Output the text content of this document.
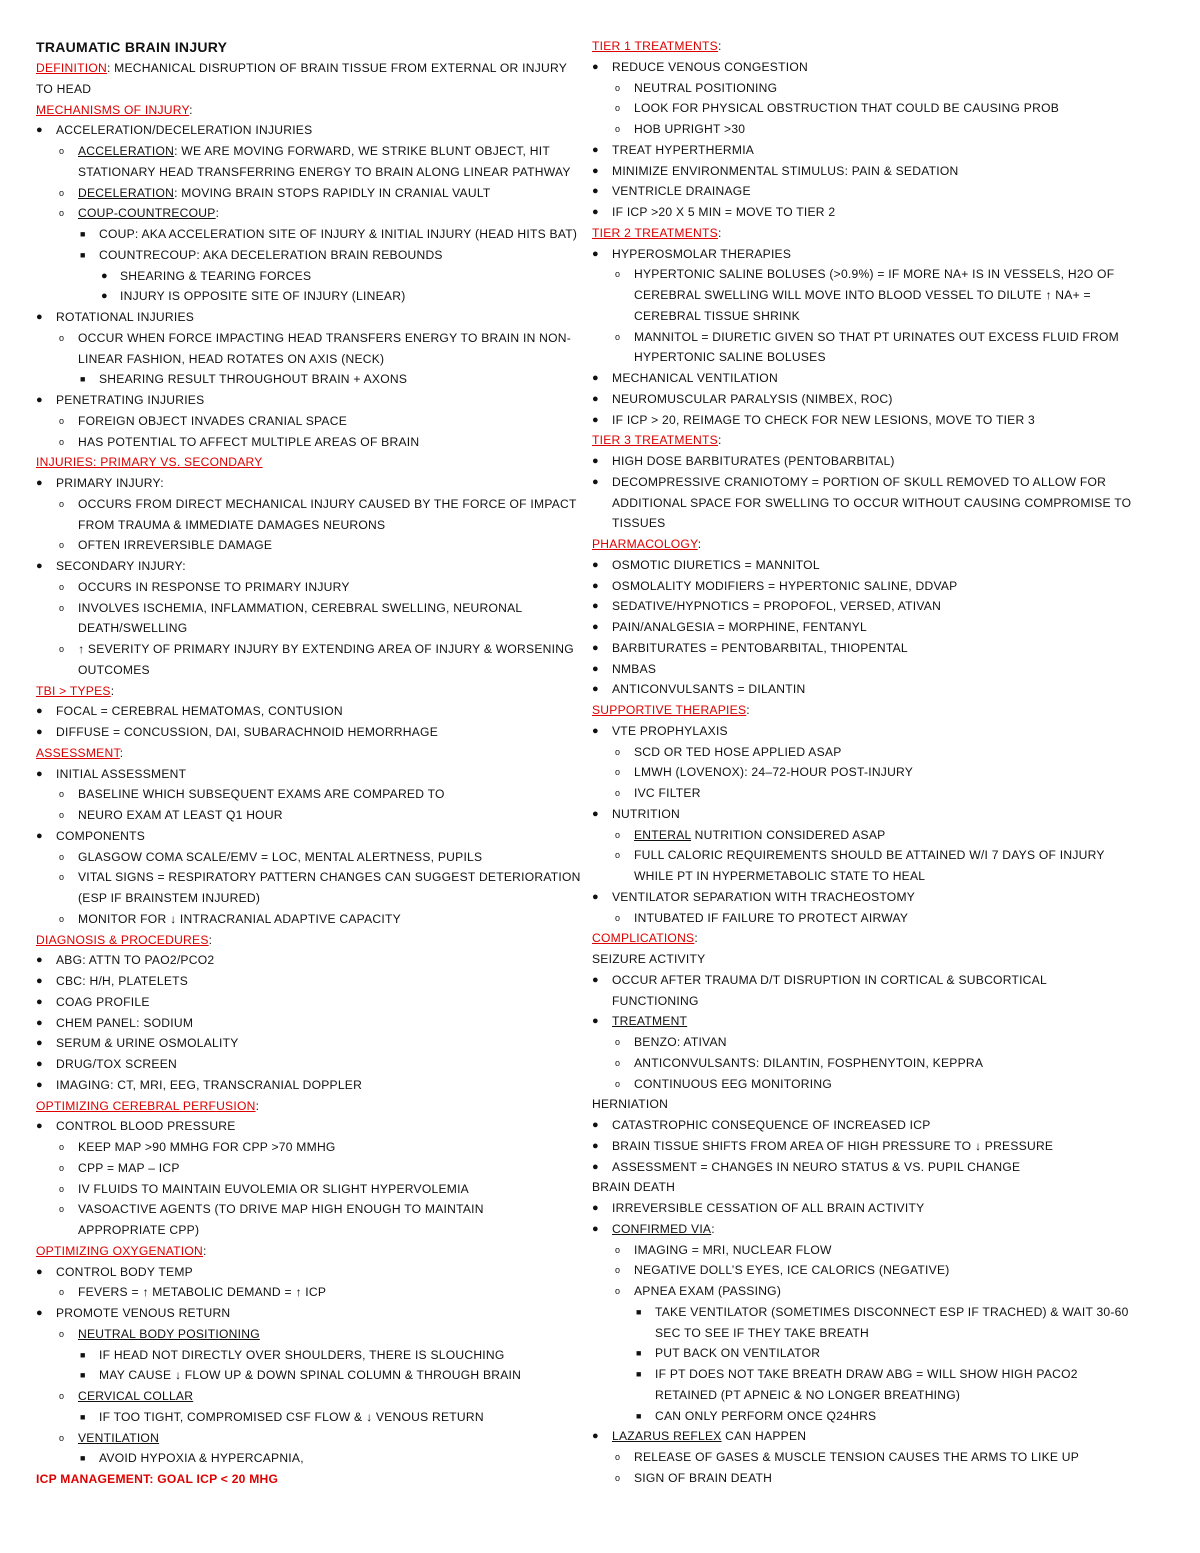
TRAUMATIC BRAIN INJURY
DEFINITION: MECHANICAL DISRUPTION OF BRAIN TISSUE FROM EXTERNAL OR INJURY
TO HEAD
MECHANISMS OF INJURY:
● ACCELERATION/DECELERATION INJURIES
o ACCELERATION: WE ARE MOVING FORWARD, WE STRIKE BLUNT OBJECT, HIT
STATIONARY HEAD TRANSFERRING ENERGY TO BRAIN ALONG LINEAR PATHWAY
o DECELERATION: MOVING BRAIN STOPS RAPIDLY IN CRANIAL VAULT
o COUP-COUNTRECOUP:
■ COUP: AKA ACCELERATION SITE OF INJURY & INITIAL INJURY (HEAD HITS BAT)
■ COUNTRECOUP: AKA DECELERATION BRAIN REBOUNDS
● SHEARING & TEARING FORCES
● INJURY IS OPPOSITE SITE OF INJURY (LINEAR)
● ROTATIONAL INJURIES
o OCCUR WHEN FORCE IMPACTING HEAD TRANSFERS ENERGY TO BRAIN IN NON-
LINEAR FASHION, HEAD ROTATES ON AXIS (NECK)
■ SHEARING RESULT THROUGHOUT BRAIN + AXONS
● PENETRATING INJURIES
o FOREIGN OBJECT INVADES CRANIAL SPACE
o HAS POTENTIAL TO AFFECT MULTIPLE AREAS OF BRAIN
INJURIES: PRIMARY VS. SECONDARY
● PRIMARY INJURY:
o OCCURS FROM DIRECT MECHANICAL INJURY CAUSED BY THE FORCE OF IMPACT
FROM TRAUMA & IMMEDIATE DAMAGES NEURONS
o OFTEN IRREVERSIBLE DAMAGE
● SECONDARY INJURY:
o OCCURS IN RESPONSE TO PRIMARY INJURY
o INVOLVES ISCHEMIA, INFLAMMATION, CEREBRAL SWELLING, NEURONAL
DEATH/SWELLING
o ↑ SEVERITY OF PRIMARY INJURY BY EXTENDING AREA OF INJURY & WORSENING
OUTCOMES
TBI > TYPES:
● FOCAL = CEREBRAL HEMATOMAS, CONTUSION
● DIFFUSE = CONCUSSION, DAI, SUBARACHNOID HEMORRHAGE
ASSESSMENT:
● INITIAL ASSESSMENT
o BASELINE WHICH SUBSEQUENT EXAMS ARE COMPARED TO
o NEURO EXAM AT LEAST Q1 HOUR
● COMPONENTS
o GLASGOW COMA SCALE/EMV = LOC, MENTAL ALERTNESS, PUPILS
o VITAL SIGNS = RESPIRATORY PATTERN CHANGES CAN SUGGEST DETERIORATION
(ESP IF BRAINSTEM INJURED)
o MONITOR FOR ↓ INTRACRANIAL ADAPTIVE CAPACITY
DIAGNOSIS & PROCEDURES:
● ABG: ATTN TO PAO2/PCO2
● CBC: H/H, PLATELETS
● COAG PROFILE
● CHEM PANEL: SODIUM
● SERUM & URINE OSMOLALITY
● DRUG/TOX SCREEN
● IMAGING: CT, MRI, EEG, TRANSCRANIAL DOPPLER
OPTIMIZING CEREBRAL PERFUSION:
● CONTROL BLOOD PRESSURE
o KEEP MAP >90 MMHG FOR CPP >70 MMHG
o CPP = MAP – ICP
o IV FLUIDS TO MAINTAIN EUVOLEMIA OR SLIGHT HYPERVOLEMIA
o VASOACTIVE AGENTS (TO DRIVE MAP HIGH ENOUGH TO MAINTAIN
APPROPRIATE CPP)
OPTIMIZING OXYGENATION:
● CONTROL BODY TEMP
o FEVERS = ↑ METABOLIC DEMAND = ↑ ICP
● PROMOTE VENOUS RETURN
o NEUTRAL BODY POSITIONING
■ IF HEAD NOT DIRECTLY OVER SHOULDERS, THERE IS SLOUCHING
■ MAY CAUSE ↓ FLOW UP & DOWN SPINAL COLUMN & THROUGH BRAIN
o CERVICAL COLLAR
■ IF TOO TIGHT, COMPROMISED CSF FLOW & ↓ VENOUS RETURN
o VENTILATION
■ AVOID HYPOXIA & HYPERCAPNIA,
ICP MANAGEMENT: GOAL ICP < 20 MHG
TIER 1 TREATMENTS:
● REDUCE VENOUS CONGESTION
o NEUTRAL POSITIONING
o LOOK FOR PHYSICAL OBSTRUCTION THAT COULD BE CAUSING PROB
o HOB UPRIGHT >30
● TREAT HYPERTHERMIA
● MINIMIZE ENVIRONMENTAL STIMULUS: PAIN & SEDATION
● VENTRICLE DRAINAGE
● IF ICP >20 X 5 MIN = MOVE TO TIER 2
TIER 2 TREATMENTS:
● HYPEROSMOLAR THERAPIES
o HYPERTONIC SALINE BOLUSES (>0.9%) = IF MORE NA+ IS IN VESSELS, H2O OF
CEREBRAL SWELLING WILL MOVE INTO BLOOD VESSEL TO DILUTE ↑ NA+ =
CEREBRAL TISSUE SHRINK
o MANNITOL = DIURETIC GIVEN SO THAT PT URINATES OUT EXCESS FLUID FROM
HYPERTONIC SALINE BOLUSES
● MECHANICAL VENTILATION
● NEUROMUSCULAR PARALYSIS (NIMBEX, ROC)
● IF ICP > 20, REIMAGE TO CHECK FOR NEW LESIONS, MOVE TO TIER 3
TIER 3 TREATMENTS:
● HIGH DOSE BARBITURATES (PENTOBARBITAL)
● DECOMPRESSIVE CRANIOTOMY = PORTION OF SKULL REMOVED TO ALLOW FOR
ADDITIONAL SPACE FOR SWELLING TO OCCUR WITHOUT CAUSING COMPROMISE TO
TISSUES
PHARMACOLOGY:
● OSMOTIC DIURETICS = MANNITOL
● OSMOLALITY MODIFIERS = HYPERTONIC SALINE, DDVAP
● SEDATIVE/HYPNOTICS = PROPOFOL, VERSED, ATIVAN
● PAIN/ANALGESIA = MORPHINE, FENTANYL
● BARBITURATES = PENTOBARBITAL, THIOPENTAL
● NMBAS
● ANTICONVULSANTS = DILANTIN
SUPPORTIVE THERAPIES:
● VTE PROPHYLAXIS
o SCD OR TED HOSE APPLIED ASAP
o LMWH (LOVENOX): 24–72-HOUR POST-INJURY
o IVC FILTER
● NUTRITION
o ENTERAL NUTRITION CONSIDERED ASAP
o FULL CALORIC REQUIREMENTS SHOULD BE ATTAINED W/I 7 DAYS OF INJURY
WHILE PT IN HYPERMETABOLIC STATE TO HEAL
● VENTILATOR SEPARATION WITH TRACHEOSTOMY
o INTUBATED IF FAILURE TO PROTECT AIRWAY
COMPLICATIONS:
SEIZURE ACTIVITY
● OCCUR AFTER TRAUMA D/T DISRUPTION IN CORTICAL & SUBCORTICAL
FUNCTIONING
● TREATMENT
o BENZO: ATIVAN
o ANTICONVULSANTS: DILANTIN, FOSPHENYTOIN, KEPPRA
o CONTINUOUS EEG MONITORING
HERNIATION
● CATASTROPHIC CONSEQUENCE OF INCREASED ICP
● BRAIN TISSUE SHIFTS FROM AREA OF HIGH PRESSURE TO ↓ PRESSURE
● ASSESSMENT = CHANGES IN NEURO STATUS & VS. PUPIL CHANGE
BRAIN DEATH
● IRREVERSIBLE CESSATION OF ALL BRAIN ACTIVITY
● CONFIRMED VIA:
o IMAGING = MRI, NUCLEAR FLOW
o NEGATIVE DOLL’S EYES, ICE CALORICS (NEGATIVE)
o APNEA EXAM (PASSING)
■ TAKE VENTILATOR (SOMETIMES DISCONNECT ESP IF TRACHED) & WAIT 30-60
SEC TO SEE IF THEY TAKE BREATH
■ PUT BACK ON VENTILATOR
■ IF PT DOES NOT TAKE BREATH DRAW ABG = WILL SHOW HIGH PACO2
RETAINED (PT APNEIC & NO LONGER BREATHING)
■ CAN ONLY PERFORM ONCE Q24HRS
● LAZARUS REFLEX CAN HAPPEN
o RELEASE OF GASES & MUSCLE TENSION CAUSES THE ARMS TO LIKE UP
o SIGN OF BRAIN DEATH
